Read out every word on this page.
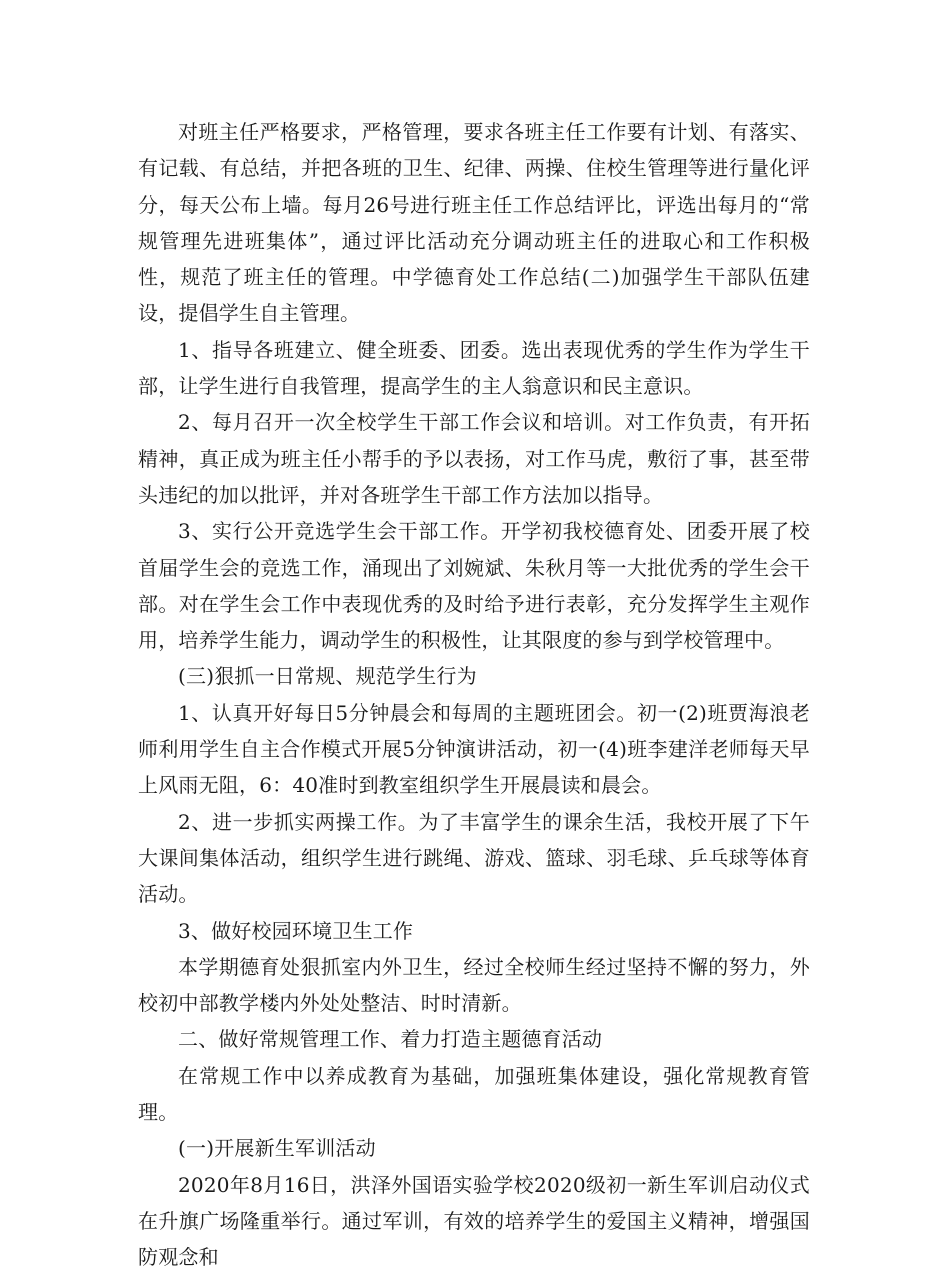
对班主任严格要求，严格管理，要求各班主任工作要有计划、有落实、有记载、有总结，并把各班的卫生、纪律、两操、住校生管理等进行量化评分，每天公布上墙。每月26号进行班主任工作总结评比，评选出每月的“常规管理先进班集体”，通过评比活动充分调动班主任的进取心和工作积极性，规范了班主任的管理。中学德育处工作总结(二)加强学生干部队伍建设，提倡学生自主管理。

1、指导各班建立、健全班委、团委。选出表现优秀的学生作为学生干部，让学生进行自我管理，提高学生的主人翁意识和民主意识。

2、每月召开一次全校学生干部工作会议和培训。对工作负责，有开拓精神，真正成为班主任小帮手的予以表扬，对工作马虎，敷衍了事，甚至带头违纪的加以批评，并对各班学生干部工作方法加以指导。

3、实行公开竞选学生会干部工作。开学初我校德育处、团委开展了校首届学生会的竞选工作，涌现出了刘婉斌、朱秋月等一大批优秀的学生会干部。对在学生会工作中表现优秀的及时给予进行表彰，充分发挥学生主观作用，培养学生能力，调动学生的积极性，让其限度的参与到学校管理中。

(三)狠抓一日常规、规范学生行为

1、认真开好每日5分钟晨会和每周的主题班团会。初一(2)班贾海浪老师利用学生自主合作模式开展5分钟演讲活动，初一(4)班李建洋老师每天早上风雨无阻，6：40准时到教室组织学生开展晨读和晨会。

2、进一步抓实两操工作。为了丰富学生的课余生活，我校开展了下午大课间集体活动，组织学生进行跳绳、游戏、篮球、羽毛球、乒乓球等体育活动。

3、做好校园环境卫生工作

本学期德育处狠抓室内外卫生，经过全校师生经过坚持不懈的努力，外校初中部教学楼内外处处整洁、时时清新。

二、做好常规管理工作、着力打造主题德育活动

在常规工作中以养成教育为基础，加强班集体建设，强化常规教育管理。

(一)开展新生军训活动

2020年8月16日，洪泽外国语实验学校2020级初一新生军训启动仪式在升旗广场隆重举行。通过军训，有效的培养学生的爱国主义精神，增强国防观念和
